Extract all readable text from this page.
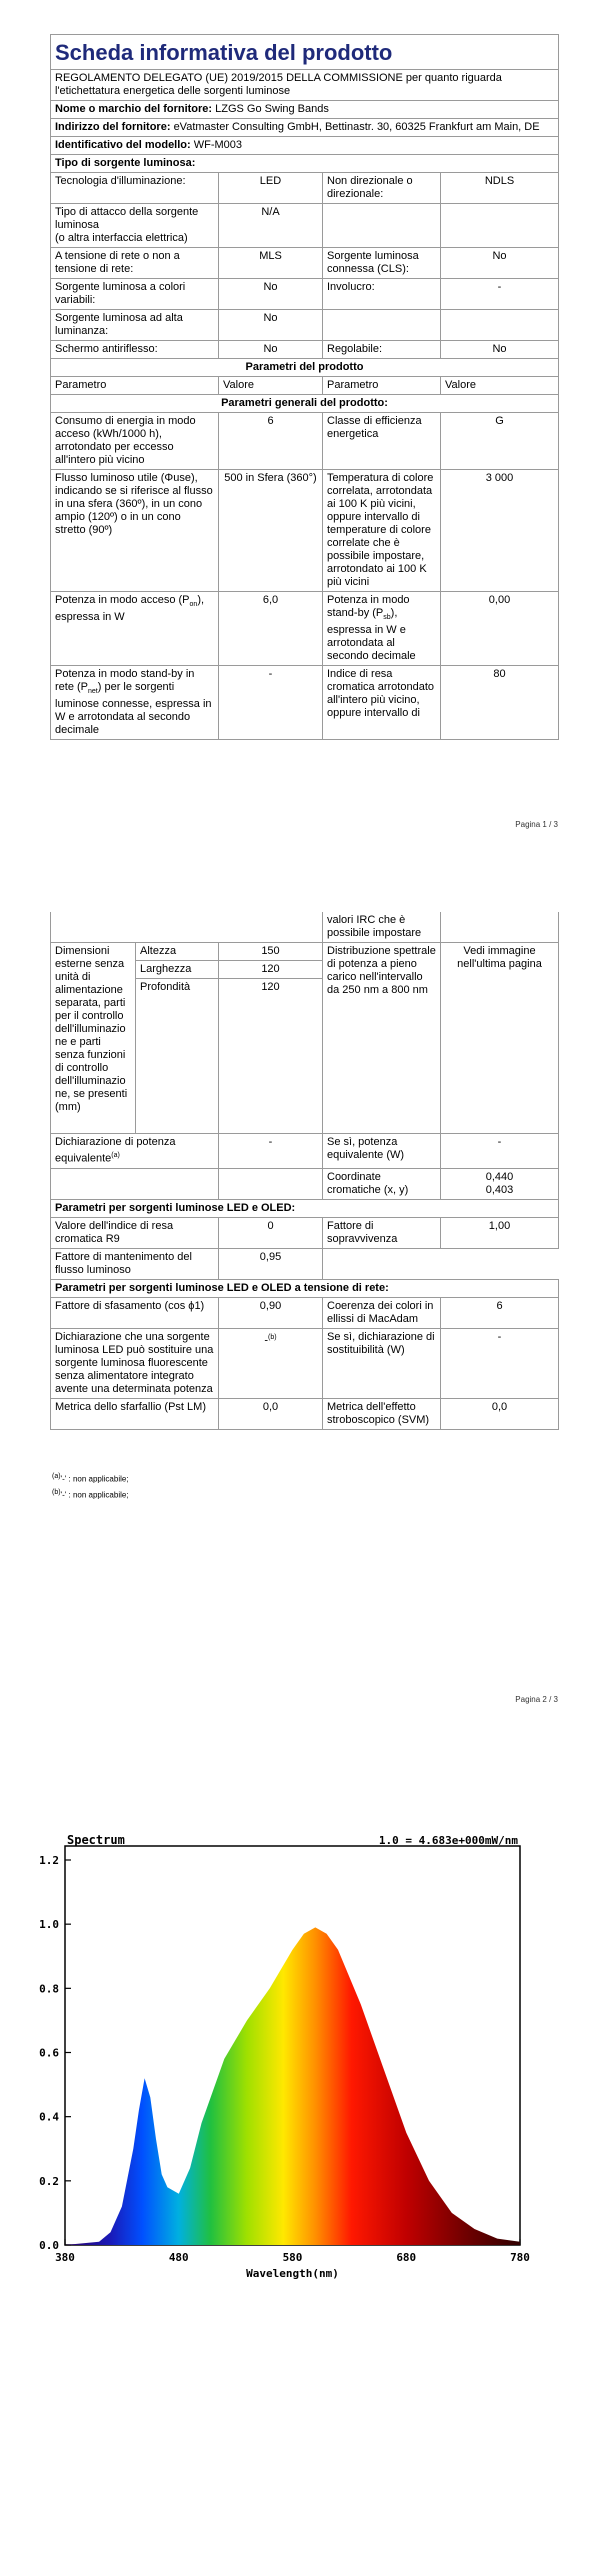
Scheda informativa del prodotto			
REGOLAMENTO DELEGATO (UE) 2019/2015 DELLA COMMISSIONE per quanto riguarda l'etichettatura energetica delle sorgenti luminose			
Nome o marchio del fornitore: LZGS Go Swing Bands			
Indirizzo del fornitore: eVatmaster Consulting GmbH, Bettinastr. 30, 60325 Frankfurt am Main, DE			
Identificativo del modello: WF-M003			
Tipo di sorgente luminosa:			
Tecnologia d'illuminazione:	LED	Non direzionale o direzionale:	NDLS
Tipo di attacco della sorgente luminosa
(o altra interfaccia elettrica)	N/A		
A tensione di rete o non a tensione di rete:	MLS	Sorgente luminosa connessa (CLS):	No
Sorgente luminosa a colori variabili:	No	Involucro:	-
Sorgente luminosa ad alta luminanza:	No		
Schermo antiriflesso:	No	Regolabile:	No
Parametri del prodotto			
Parametro	Valore	Parametro	Valore
Parametri generali del prodotto:			
Consumo di energia in modo acceso (kWh/1000 h), arrotondato per eccesso all'intero più vicino	6	Classe di efficienza energetica	G
Flusso luminoso utile (Φuse), indicando se si riferisce al flusso in una sfera (360º), in un cono ampio (120º) o in un cono stretto (90º)	500 in Sfera (360°)	Temperatura di colore correlata, arrotondata ai 100 K più vicini, oppure intervallo di temperature di colore correlate che è possibile impostare, arrotondato ai 100 K più vicini	3 000
Potenza in modo acceso $(P_{on})$, espressa in W	6,0	Potenza in modo stand-by $(P_{sb})$, espressa in W e arrotondata al secondo decimale	0,00
Potenza in modo stand-by in rete $(P_{net})$ per le sorgenti luminose connesse, espressa in W e arrotondata al secondo decimale	-	Indice di resa cromatica arrotondato all'intero più vicino, oppure intervallo di	80
Pagina 1 / 3
			valori IRC che è possibile impostare	
Dimensioni esterne senza unità di alimentazione separata, parti per il controllo dell'illuminazione e parti senza funzioni di controllo dell'illuminazione, se presenti (mm)	Altezza	150	Distribuzione spettrale di potenza a pieno carico nell'intervallo da 250 nm a 800 nm	Vedi immagine nell'ultima pagina
	Larghezza	120		
	Profondità	120		
Dichiarazione di potenza equivalente$^{(a)}$		-	Se sì, potenza equivalente (W)	-
			Coordinate cromatiche (x, y)	0,440
0,403
Parametri per sorgenti luminose LED e OLED:				
Valore dell'indice di resa cromatica R9		0	Fattore di sopravvivenza	1,00
Fattore di mantenimento del flusso luminoso		0,95		
Parametri per sorgenti luminose LED e OLED a tensione di rete:				
Fattore di sfasamento (cos ϕ1)		0,90	Coerenza dei colori in ellissi di MacAdam	6
Dichiarazione che una sorgente luminosa LED può sostituire una sorgente luminosa fluorescente senza alimentatore integrato avente una determinata potenza		-$^{(b)}$	Se sì, dichiarazione di sostituibilità (W)	-
Metrica dello sfarfallio (Pst LM)		0,0	Metrica dell'effetto stroboscopico (SVM)	0,0
$^{(a)}$'-' : non applicabile;
$^{(b)}$'-' : non applicabile;
Pagina 2 / 3
0.0
0.2
0.4
0.6
0.8
1.0
1.2
380	480	580	680	780
Spectrum	1.0 = 4.683e+000mW/nm
Wavelength(nm)
